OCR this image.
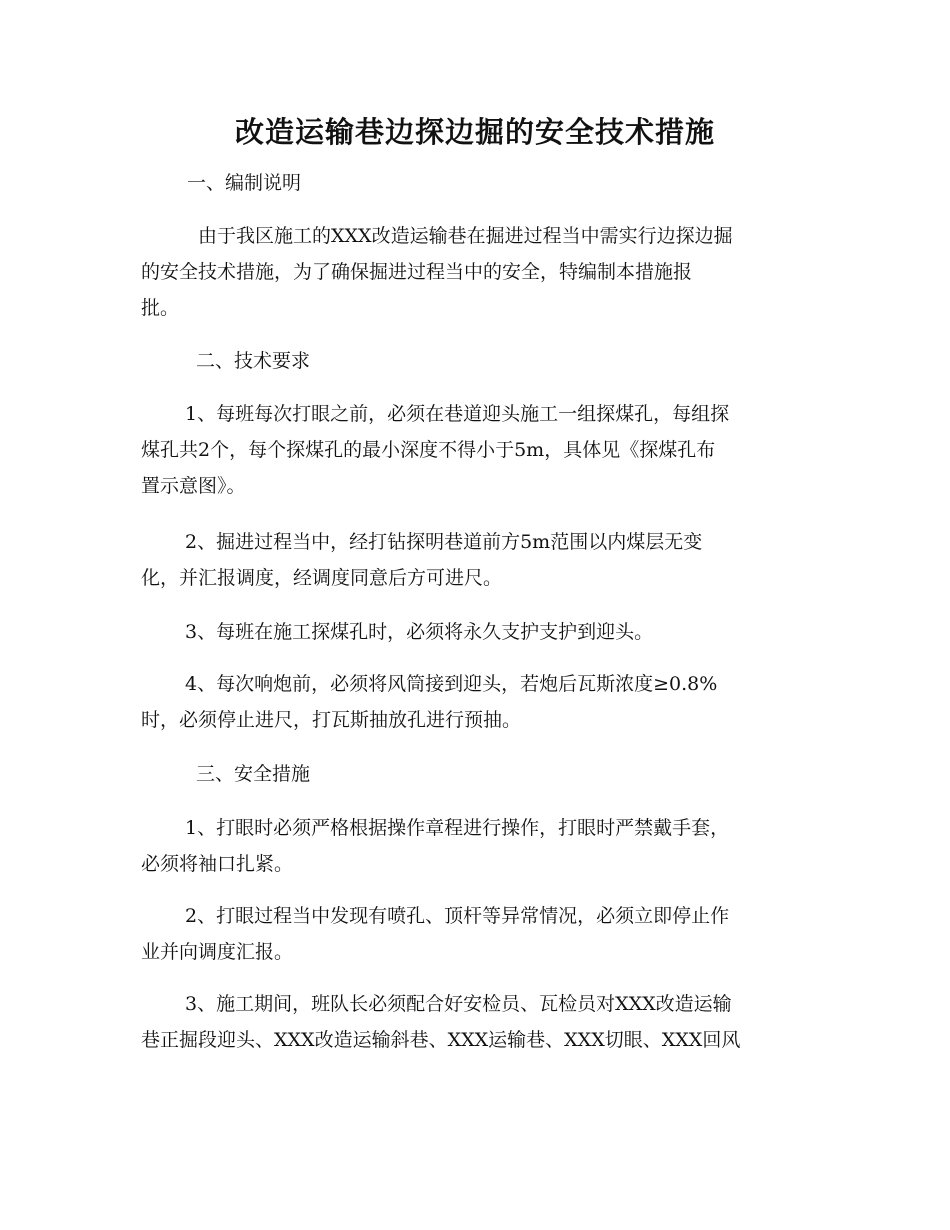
改造运输巷边探边掘的安全技术措施

一、编制说明

由于我区施工的XXX改造运输巷在掘进过程当中需实行边探边掘
的安全技术措施，为了确保掘进过程当中的安全，特编制本措施报
批。

二、技术要求

1、每班每次打眼之前，必须在巷道迎头施工一组探煤孔，每组探
煤孔共2个，每个探煤孔的最小深度不得小于5m，具体见《探煤孔布
置示意图》。
2、掘进过程当中，经打钻探明巷道前方5m范围以内煤层无变
化，并汇报调度，经调度同意后方可进尺。
3、每班在施工探煤孔时，必须将永久支护支护到迎头。
4、每次响炮前，必须将风筒接到迎头，若炮后瓦斯浓度≥0.8%
时，必须停止进尺，打瓦斯抽放孔进行预抽。

三、安全措施

1、打眼时必须严格根据操作章程进行操作，打眼时严禁戴手套，
必须将袖口扎紧。
2、打眼过程当中发现有喷孔、顶杆等异常情况，必须立即停止作
业并向调度汇报。
3、施工期间，班队长必须配合好安检员、瓦检员对XXX改造运输
巷正掘段迎头、XXX改造运输斜巷、XXX运输巷、XXX切眼、XXX回风
